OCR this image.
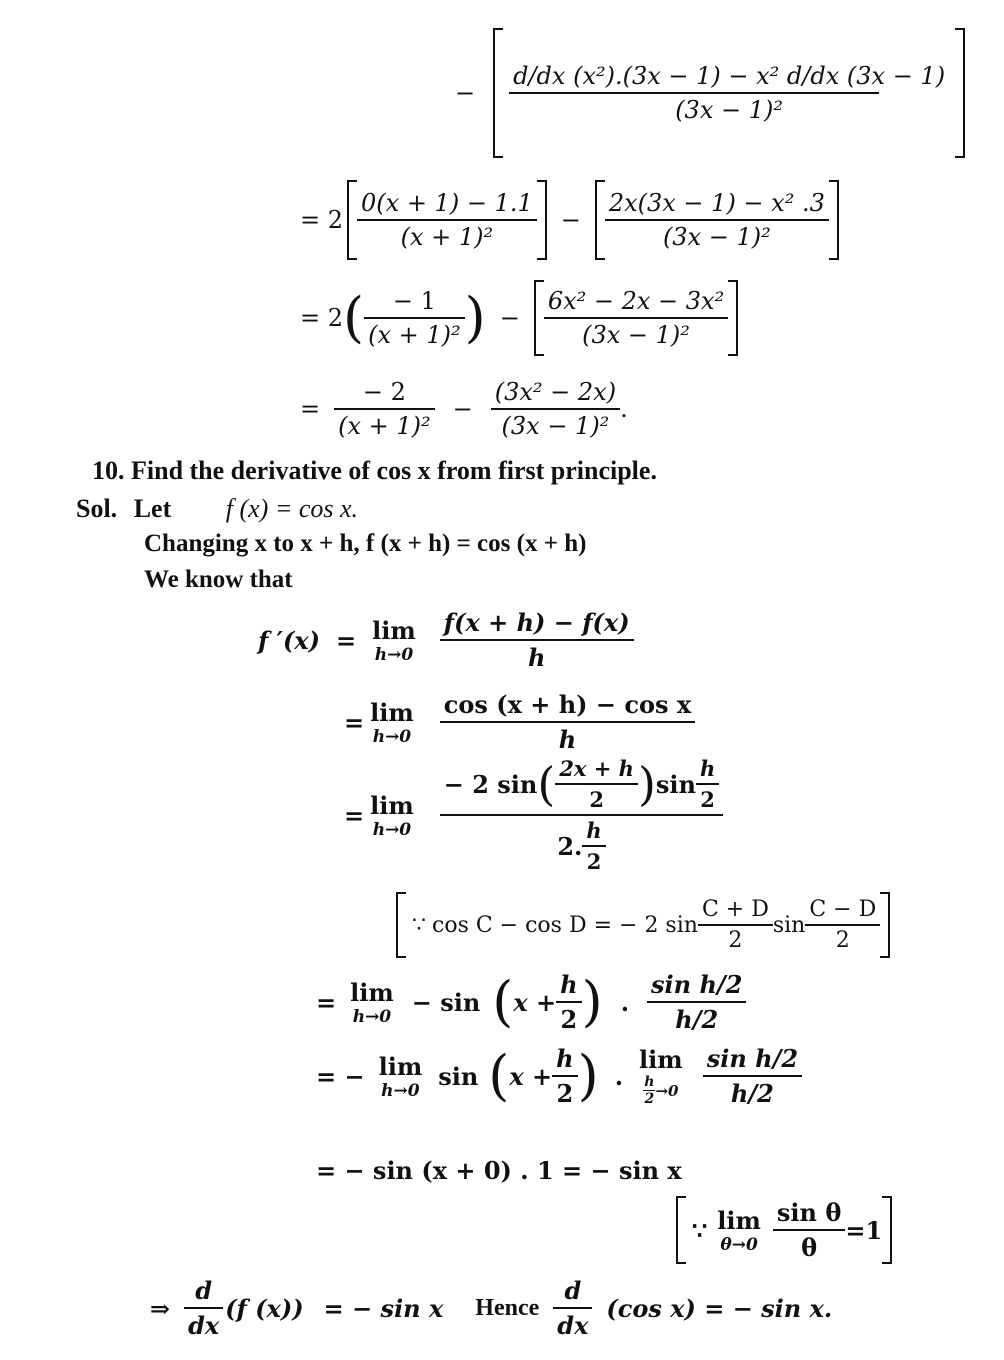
−
d/dx (x²).(3x − 1) − x² d/dx (3x − 1)
(3x − 1)²
= 2
0(x + 1) − 1.1
(x + 1)²
−
2x(3x − 1) − x² .3
(3x − 1)²
= 2 ( − 1
(x + 1)² ) −
6x² − 2x − 3x²
(3x − 1)²
=
− 2
(x + 1)²
−
(3x² − 2x)
(3x − 1)²
.
10. Find the derivative of cos x from first principle.
Sol. Let f (x) = cos x.
Changing x to x + h, f (x + h) = cos (x + h)
We know that
f ′(x) = lim
h→0
f(x + h) − f(x)
h
= lim
h→0
cos (x + h) − cos x
h
= lim
h→0
− 2 sin ( 2x + h
2 ) sin
h
2
2.
h
2
∵ cos C − cos D = − 2 sin
C + D
2
sin
C − D
2
= lim
h→0 − sin ( x +
h
2 ) .
sin h/2
h/2
= − lim
h→0 sin ( x +
h
2 ) .
lim
h
2 →0
sin h/2
h/2
= − sin (x + 0) . 1 = − sin x
∵ lim
θ→0
sin θ
θ
=1
⇒
d
dx
(f (x)) = − sin x Hence
d
dx
(cos x) = − sin x.
